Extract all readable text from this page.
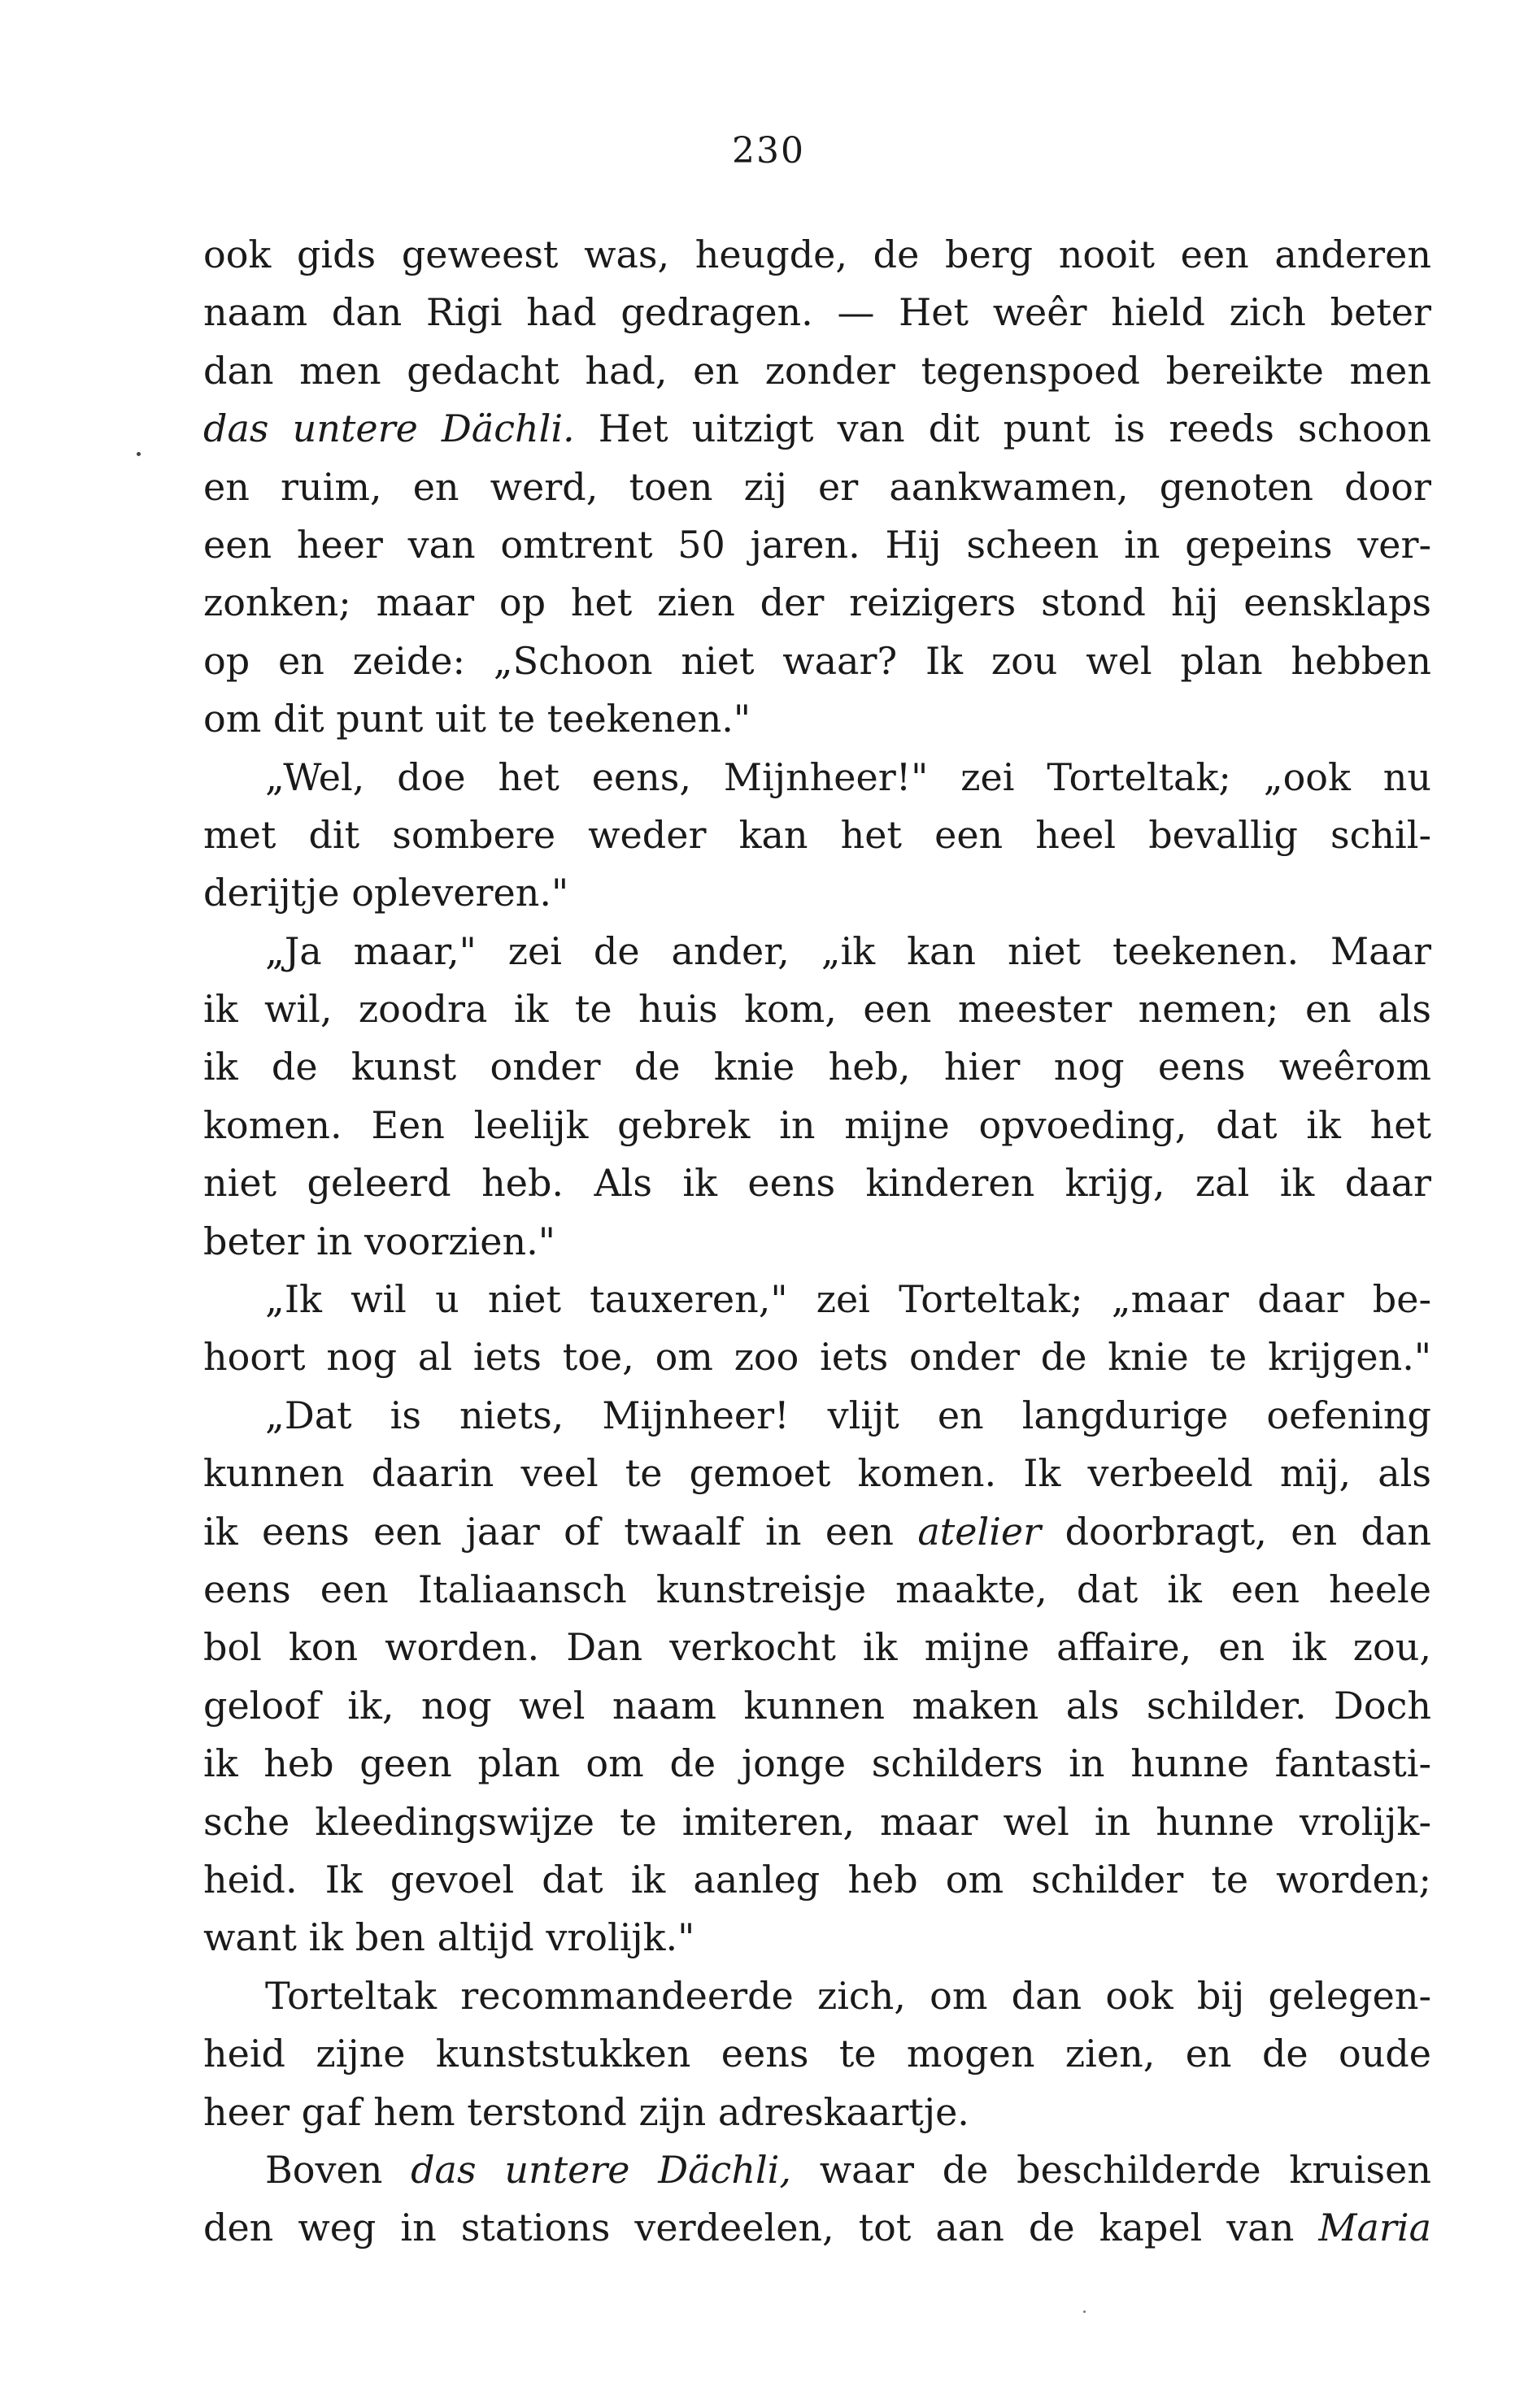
230
ook gids geweest was, heugde, de berg nooit een anderen
naam dan Rigi had gedragen. — Het weêr hield zich beter
dan men gedacht had, en zonder tegenspoed bereikte men
das untere Dächli. Het uitzigt van dit punt is reeds schoon
en ruim, en werd, toen zij er aankwamen, genoten door
een heer van omtrent 50 jaren. Hij scheen in gepeins ver-
zonken; maar op het zien der reizigers stond hij eensklaps
op en zeide: „Schoon niet waar? Ik zou wel plan hebben
om dit punt uit te teekenen."
„Wel, doe het eens, Mijnheer!" zei Torteltak; „ook nu
met dit sombere weder kan het een heel bevallig schil-
derijtje opleveren."
„Ja maar," zei de ander, „ik kan niet teekenen. Maar
ik wil, zoodra ik te huis kom, een meester nemen; en als
ik de kunst onder de knie heb, hier nog eens weêrom
komen. Een leelijk gebrek in mijne opvoeding, dat ik het
niet geleerd heb. Als ik eens kinderen krijg, zal ik daar
beter in voorzien."
„Ik wil u niet tauxeren," zei Torteltak; „maar daar be-
hoort nog al iets toe, om zoo iets onder de knie te krijgen."
„Dat is niets, Mijnheer! vlijt en langdurige oefening
kunnen daarin veel te gemoet komen. Ik verbeeld mij, als
ik eens een jaar of twaalf in een atelier doorbragt, en dan
eens een Italiaansch kunstreisje maakte, dat ik een heele
bol kon worden. Dan verkocht ik mijne affaire, en ik zou,
geloof ik, nog wel naam kunnen maken als schilder. Doch
ik heb geen plan om de jonge schilders in hunne fantasti-
sche kleedingswijze te imiteren, maar wel in hunne vrolijk-
heid. Ik gevoel dat ik aanleg heb om schilder te worden;
want ik ben altijd vrolijk."
Torteltak recommandeerde zich, om dan ook bij gelegen-
heid zijne kunststukken eens te mogen zien, en de oude
heer gaf hem terstond zijn adreskaartje.
Boven das untere Dächli, waar de beschilderde kruisen
den weg in stations verdeelen, tot aan de kapel van Maria
